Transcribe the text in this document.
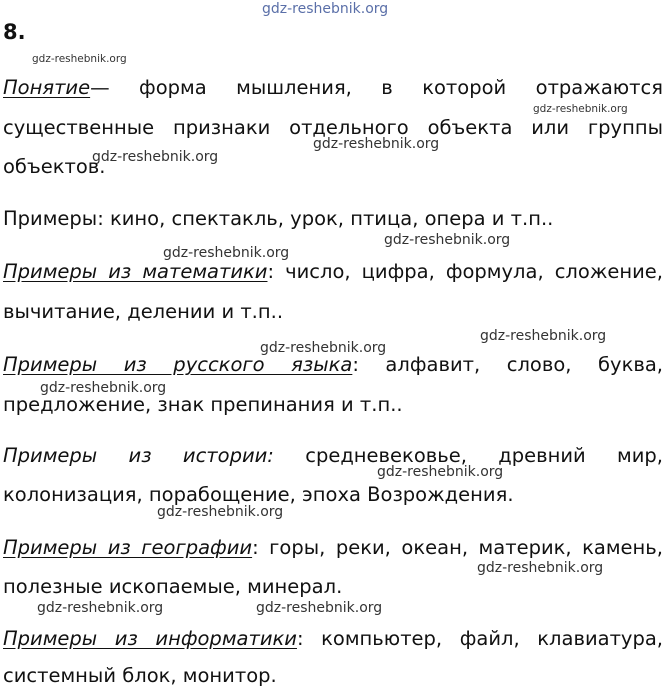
gdz-reshebnik.org
8.
gdz-reshebnik.org
Понятие— форма мышления, в которой отражаются
gdz-reshebnik.org
существенные признаки отдельного объекта или группы
gdz-reshebnik.org
gdz-reshebnik.org
объектов.
Примеры: кино, спектакль, урок, птица, опера и т.п..
gdz-reshebnik.org
gdz-reshebnik.org
Примеры из математики: число, цифра, формула, сложение,
вычитание, делении и т.п..
gdz-reshebnik.org
gdz-reshebnik.org
Примеры из русского языка: алфавит, слово, буква,
gdz-reshebnik.org
предложение, знак препинания и т.п..
Примеры из истории: средневековье, древний мир,
gdz-reshebnik.org
колонизация, порабощение, эпоха Возрождения.
gdz-reshebnik.org
Примеры из географии: горы, реки, океан, материк, камень,
gdz-reshebnik.org
полезные ископаемые, минерал.
gdz-reshebnik.org	gdz-reshebnik.org
Примеры из информатики: компьютер, файл, клавиатура,
системный блок, монитор.
